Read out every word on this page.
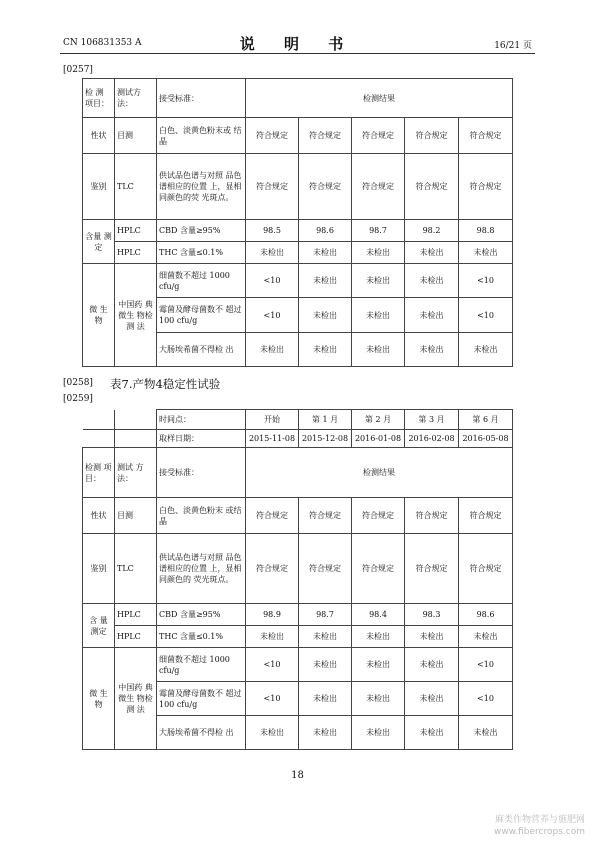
CN 106831353 A	说 明 书	16/21 页
[0257]
检 测 项目：	测试方 法：	接受标准：	检测结果				
性状	目测	白色、淡黄色粉末或 结晶	符合规定	符合规定	符合规定	符合规定	符合规定
鉴别	TLC	供试品色谱与对照 品色谱相应的位置 上，显相同颜色的荧 光斑点。	符合规定	符合规定	符合规定	符合规定	符合规定
含量 测定	HPLC	CBD 含量≥95%	98.5	98.6	98.7	98.2	98.8
	HPLC	THC 含量≤0.1%	未检出	未检出	未检出	未检出	未检出
微 生 物	中国药 典微生 物检测 法	细菌数不超过 1000 cfu/g	<10	未检出	未检出	未检出	<10
		霉菌及酵母菌数不 超过 100 cfu/g	<10	未检出	未检出	未检出	<10
		大肠埃希菌不得检 出	未检出	未检出	未检出	未检出	未检出
[0258] 表7.产物4稳定性试验
[0259]
		时间点：	开始	第 1 月	第 2 月	第 3 月	第 6 月
		取样日期：	2015-11-08	2015-12-08	2016-01-08	2016-02-08	2016-05-08
检测 项 目：	测试 方法：	接受标准：	检测结果				
性状	目测	白色、淡黄色粉末 或结晶	符合规定	符合规定	符合规定	符合规定	符合规定
鉴别	TLC	供试品色谱与对照 品色谱相应的位置 上，显相同颜色的 荧光斑点。	符合规定	符合规定	符合规定	符合规定	符合规定
含 量 测定	HPLC	CBD 含量≥95%	98.9	98.7	98.4	98.3	98.6
	HPLC	THC 含量≤0.1%	未检出	未检出	未检出	未检出	未检出
微 生 物	中国药 典微生 物检测 法	细菌数不超过 1000 cfu/g	<10	未检出	未检出	未检出	<10
		霉菌及酵母菌数不 超过 100 cfu/g	<10	未检出	未检出	未检出	<10
		大肠埃希菌不得检 出	未检出	未检出	未检出	未检出	未检出
18
麻类作物营养与施肥网
www.fibercrops.com
